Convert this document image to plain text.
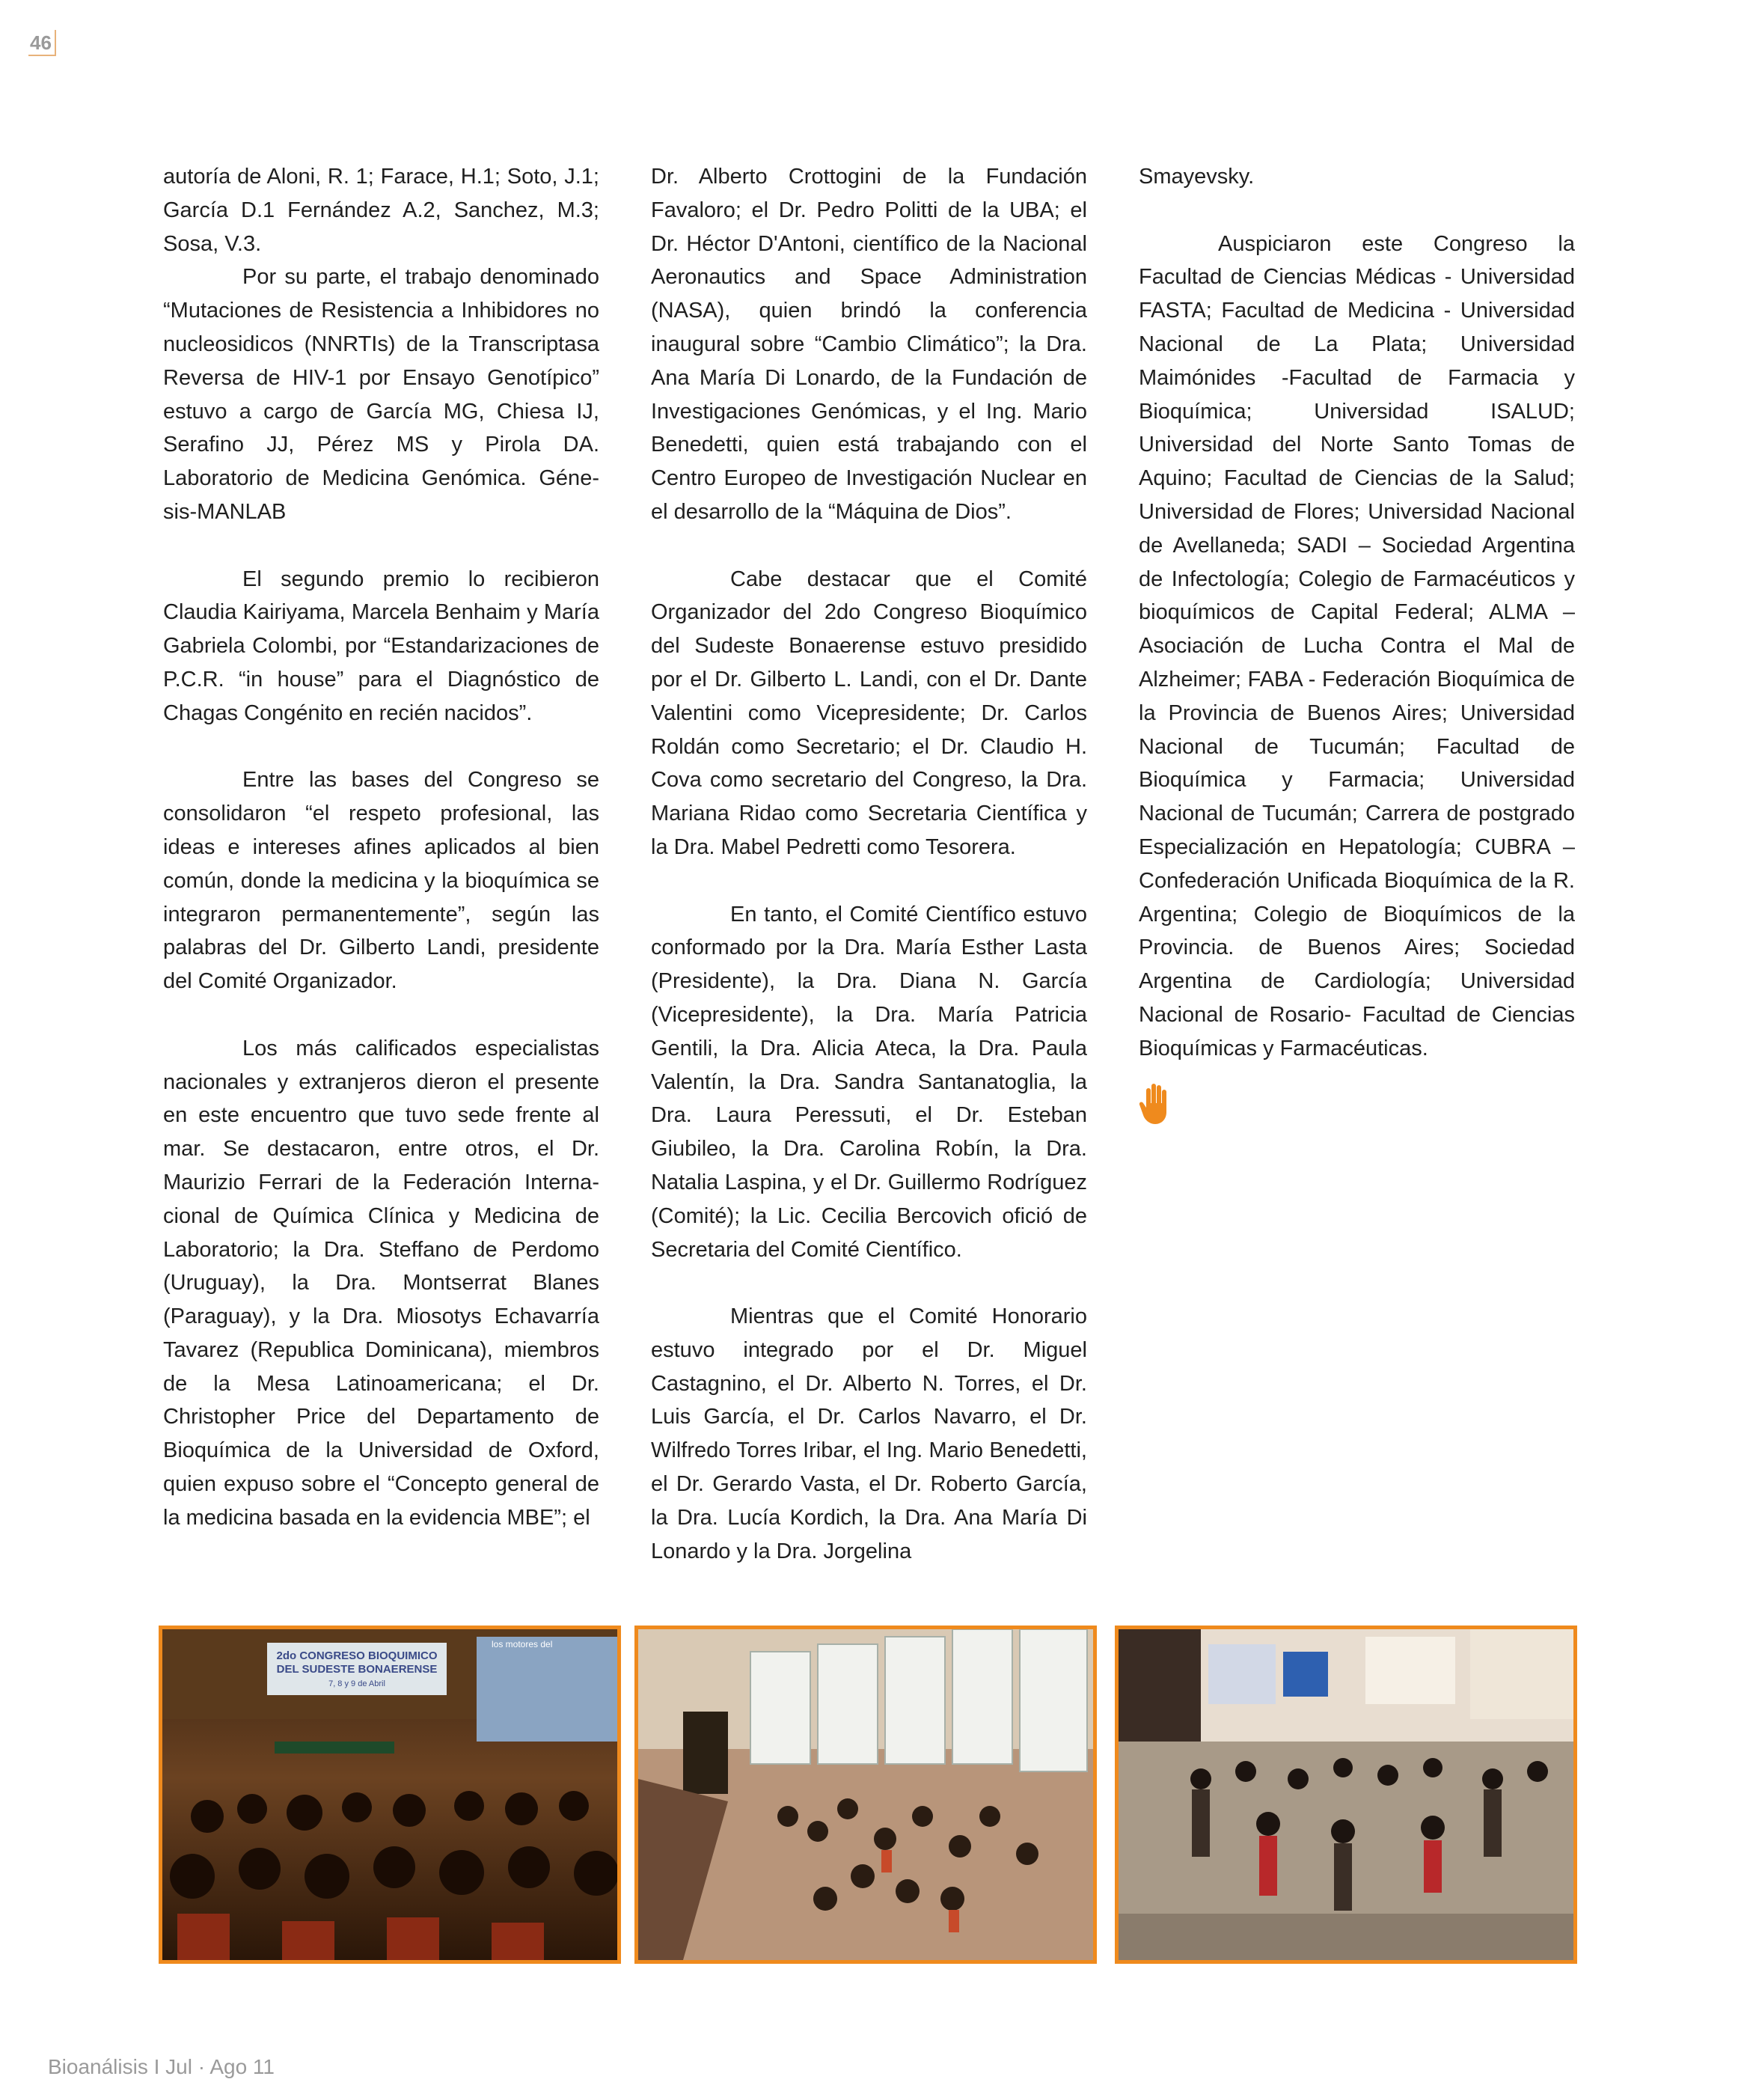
46

autoría de Aloni, R. 1; Farace, H.1; Soto, J.1; García D.1 Fernández A.2, Sanchez, M.3; Sosa, V.3.

Por su parte, el trabajo denominado “Mutaciones de Resistencia a Inhibidores no nucleosidicos (NNRTIs) de la Transcriptasa Reversa de HIV-1 por Ensayo Genotípico” estuvo a cargo de García MG, Chiesa IJ, Serafino JJ, Pérez MS y Pirola DA. Laboratorio de Medicina Genómica. Génesis-MANLAB

El segundo premio lo recibieron Claudia Kairiyama, Marcela Benhaim y María Gabriela Colombi, por “Estandarizaciones de P.C.R. “in house” para el Diagnóstico de Chagas Congénito en recién nacidos”.

Entre las bases del Congreso se consolidaron “el respeto profesional, las ideas e intereses afines aplicados al bien común, donde la medicina y la bioquímica se integraron permanentemente”, según las palabras del Dr. Gilberto Landi, presidente del Comité Organizador.

Los más calificados especialistas nacionales y extranjeros dieron el presente en este encuentro que tuvo sede frente al mar. Se destacaron, entre otros, el Dr. Maurizio Ferrari de la Federación Internacional de Química Clínica y Medicina de Laboratorio; la Dra. Steffano de Perdomo (Uruguay), la Dra. Montserrat Blanes (Paraguay), y la Dra. Miosotys Echavarría Tavarez (Republica Dominicana), miembros de la Mesa Latinoamericana; el Dr. Christopher Price del Departamento de Bioquímica de la Universidad de Oxford, quien expuso sobre el “Concepto general de la medicina basada en la evidencia MBE”; el

Dr. Alberto Crottogini de la Fundación Favaloro; el Dr. Pedro Politti de la UBA; el Dr. Héctor D'Antoni, científico de la Nacional Aeronautics and Space Administration (NASA), quien brindó la conferencia inaugural sobre “Cambio Climático”; la Dra. Ana María Di Lonardo, de la Fundación de Investigaciones Genómicas, y el Ing. Mario Benedetti, quien está trabajando con el Centro Europeo de Investigación Nuclear en el desarrollo de la “Máquina de Dios”.

Cabe destacar que el Comité Organizador del 2do Congreso Bioquímico del Sudeste Bonaerense estuvo presidido por el Dr. Gilberto L. Landi, con el Dr. Dante Valentini como Vicepresidente; Dr. Carlos Roldán como Secretario; el Dr. Claudio H. Cova como secretario del Congreso, la Dra. Mariana Ridao como Secretaria Científica y la Dra. Mabel Pedretti como Tesorera.

En tanto, el Comité Científico estuvo conformado por la Dra. María Esther Lasta (Presidente), la Dra. Diana N. García (Vicepresidente), la Dra. María Patricia Gentili, la Dra. Alicia Ateca, la Dra. Paula Valentín, la Dra. Sandra Santanatoglia, la Dra. Laura Peressuti, el Dr. Esteban Giubileo, la Dra. Carolina Robín, la Dra. Natalia Laspina, y el Dr. Guillermo Rodríguez (Comité); la Lic. Cecilia Bercovich ofició de Secretaria del Comité Científico.

Mientras que el Comité Honorario estuvo integrado por el Dr. Miguel Castagnino, el Dr. Alberto N. Torres, el Dr. Luis García, el Dr. Carlos Navarro, el Dr. Wilfredo Torres Iribar, el Ing. Mario Benedetti, el Dr. Gerardo Vasta, el Dr. Roberto García, la Dra. Lucía Kordich, la Dra. Ana María Di Lonardo y la Dra. Jorgelina

Smayevsky.

Auspiciaron este Congreso la Facultad de Ciencias Médicas - Universidad FASTA; Facultad de Medicina - Universidad Nacional de La Plata; Universidad Maimónides -Facultad de Farmacia y Bioquímica; Universidad ISALUD; Universidad del Norte Santo Tomas de Aquino; Facultad de Ciencias de la Salud; Universidad de Flores; Universidad Nacional de Avellaneda; SADI – Sociedad Argentina de Infectología; Colegio de Farmacéuticos y bioquímicos de Capital Federal; ALMA – Asociación de Lucha Contra el Mal de Alzheimer; FABA - Federación Bioquímica de la Provincia de Buenos Aires; Universidad Nacional de Tucumán; Facultad de Bioquímica y Farmacia; Universidad Nacional de Tucumán; Carrera de postgrado Especialización en Hepatología; CUBRA – Confederación Unificada Bioquímica de la R. Argentina; Colegio de Bioquímicos de la Provincia. de Buenos Aires; Sociedad Argentina de Cardiología; Universidad Nacional de Rosario- Facultad de Ciencias Bioquímicas y Farmacéuticas.

2do CONGRESO BIOQUIMICO
DEL SUDESTE BONAERENSE
7, 8 y 9 de Abril
los motores del
Bioanálisis I Jul · Ago 11
